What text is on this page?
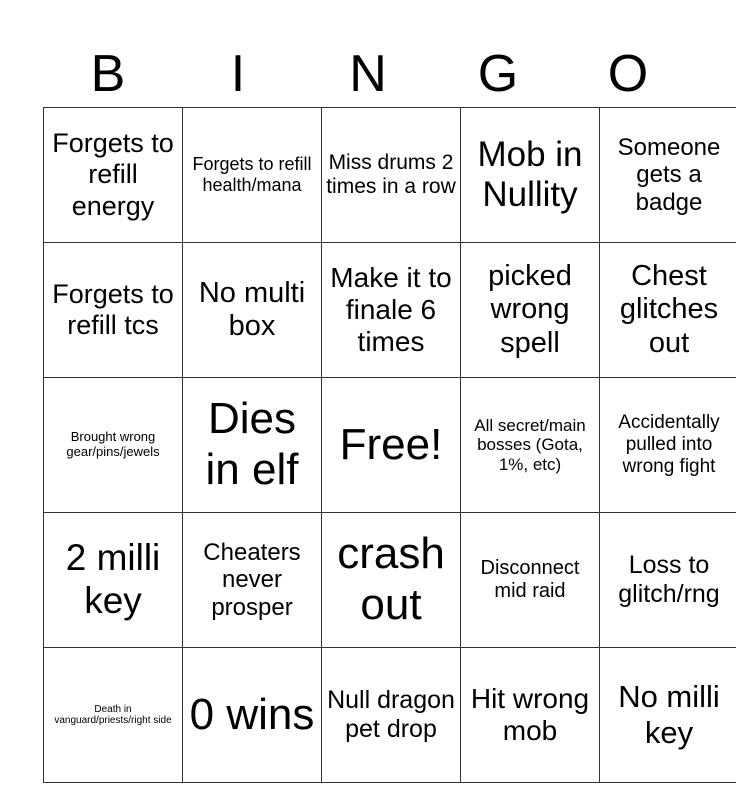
B	I	N	G	O
Forgets to refill energy	Forgets to refill health/mana	Miss drums 2 times in a row	Mob in Nullity	Someone gets a badge
Forgets to refill tcs	No multi box	Make it to finale 6 times	picked wrong spell	Chest glitches out
Brought wrong gear/pins/jewels	Dies in elf	Free!	All secret/main bosses (Gota, 1%, etc)	Accidentally pulled into wrong fight
2 milli key	Cheaters never prosper	crash out	Disconnect mid raid	Loss to glitch/rng
Death in vanguard/priests/right side	0 wins	Null dragon pet drop	Hit wrong mob	No milli key
